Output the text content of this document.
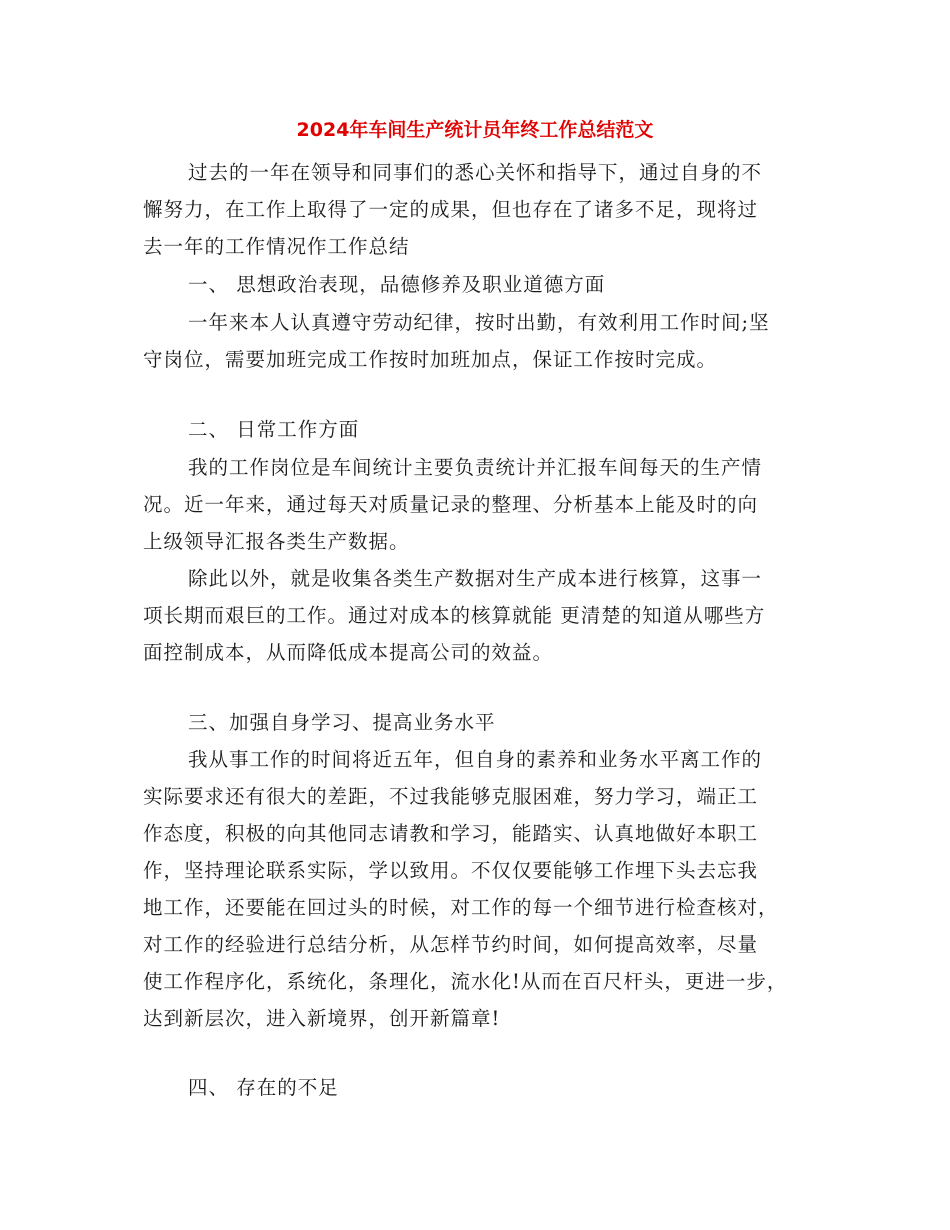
2024年车间生产统计员年终工作总结范文
过去的一年在领导和同事们的悉心关怀和指导下，通过自身的不
懈努力，在工作上取得了一定的成果，但也存在了诸多不足，现将过
去一年的工作情况作工作总结
一、 思想政治表现，品德修养及职业道德方面
一年来本人认真遵守劳动纪律，按时出勤，有效利用工作时间;坚
守岗位，需要加班完成工作按时加班加点，保证工作按时完成。
二、 日常工作方面
我的工作岗位是车间统计主要负责统计并汇报车间每天的生产情
况。近一年来，通过每天对质量记录的整理、分析基本上能及时的向
上级领导汇报各类生产数据。
除此以外，就是收集各类生产数据对生产成本进行核算，这事一
项长期而艰巨的工作。通过对成本的核算就能 更清楚的知道从哪些方
面控制成本，从而降低成本提高公司的效益。
三、加强自身学习、提高业务水平
我从事工作的时间将近五年，但自身的素养和业务水平离工作的
实际要求还有很大的差距，不过我能够克服困难，努力学习，端正工
作态度，积极的向其他同志请教和学习，能踏实、认真地做好本职工
作，坚持理论联系实际，学以致用。不仅仅要能够工作埋下头去忘我
地工作，还要能在回过头的时候，对工作的每一个细节进行检查核对，
对工作的经验进行总结分析，从怎样节约时间，如何提高效率，尽量
使工作程序化，系统化，条理化，流水化!从而在百尺杆头，更进一步，
达到新层次，进入新境界，创开新篇章!
四、 存在的不足
